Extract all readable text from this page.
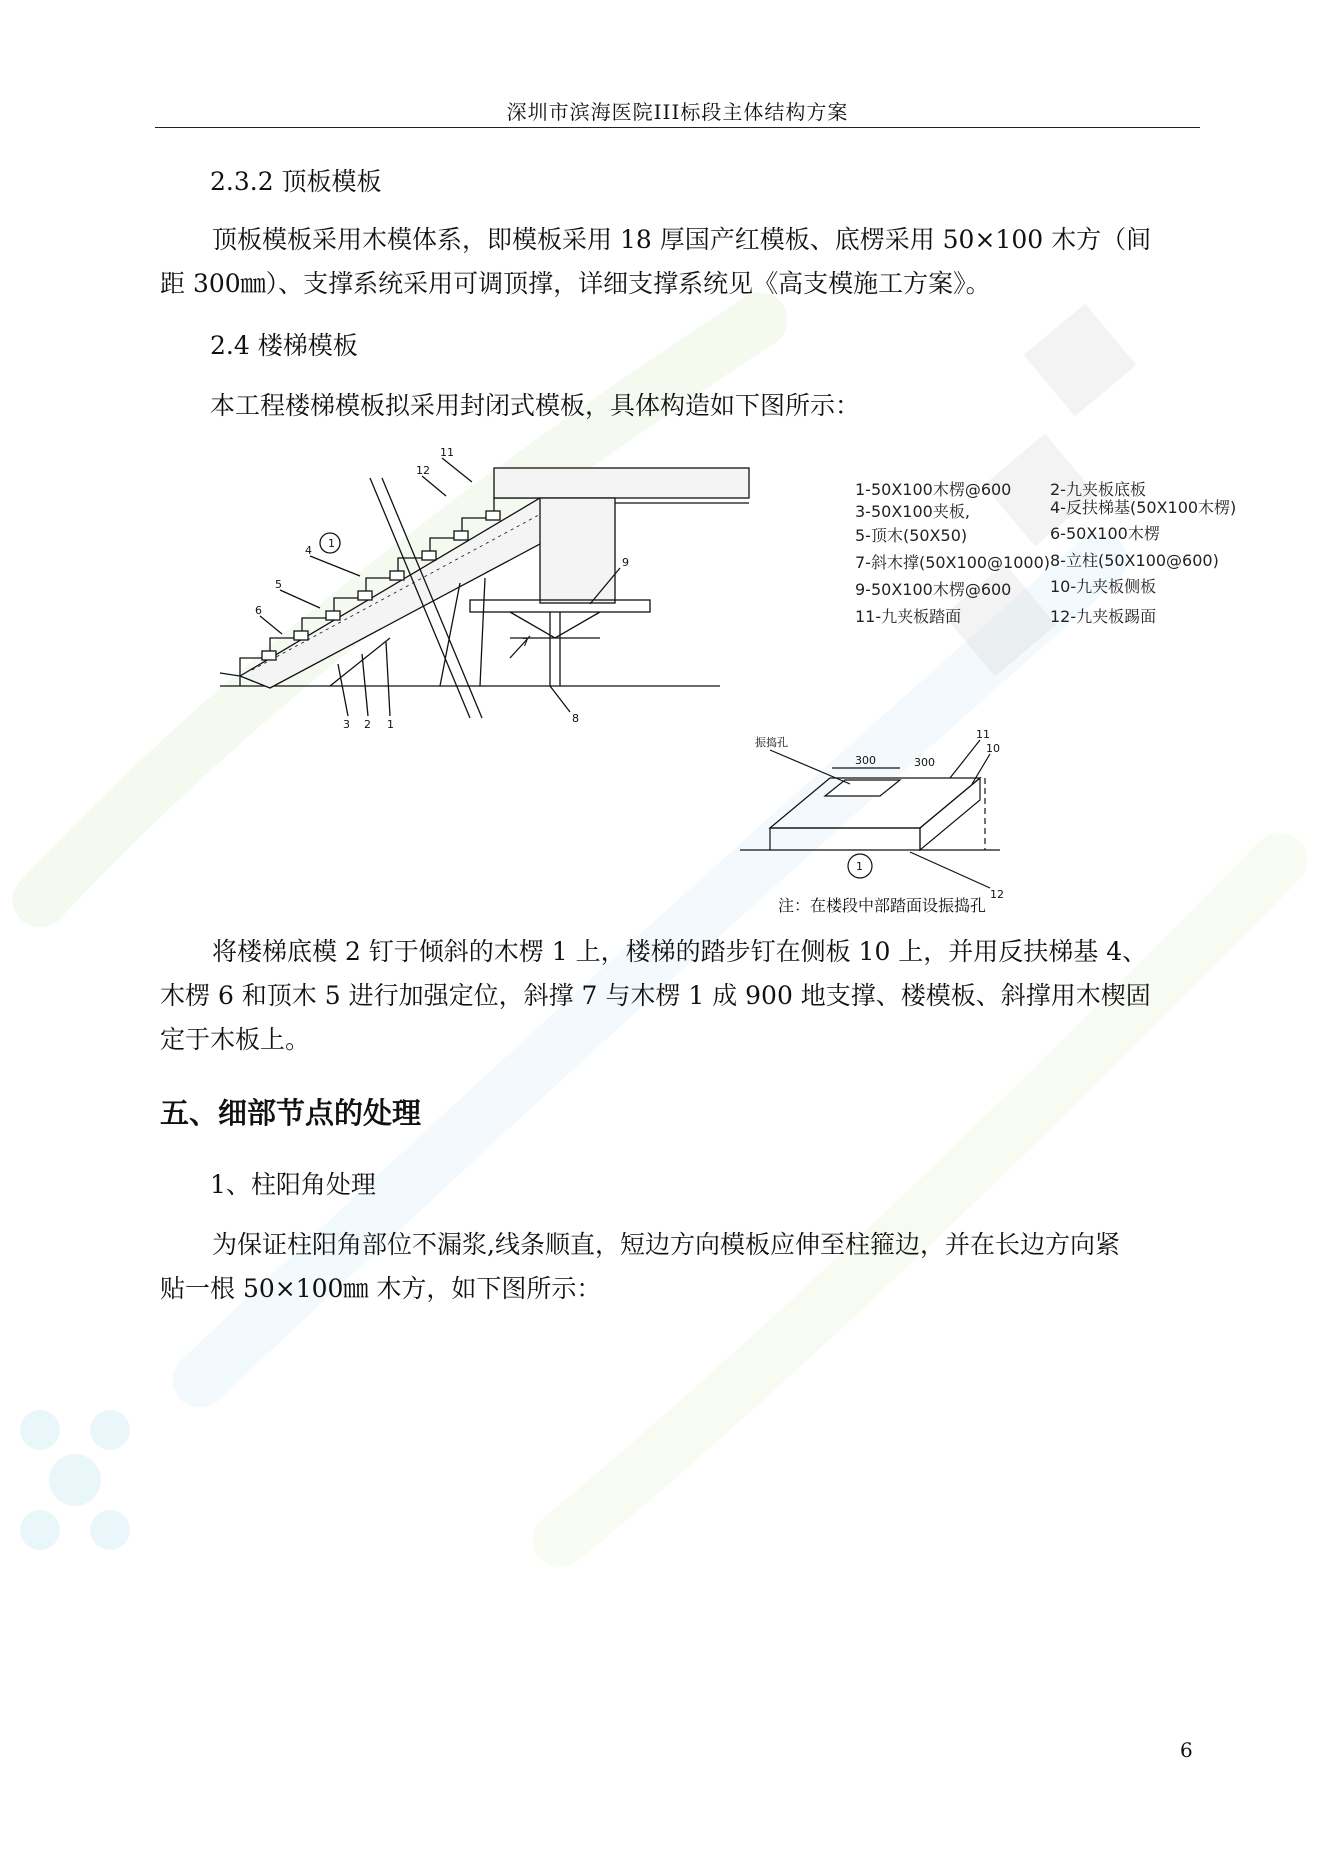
深圳市滨海医院III标段主体结构方案
2.3.2 顶板模板
顶板模板采用木模体系，即模板采用 18 厚国产红模板、底楞采用 50×100 木方（间
距 300㎜）、支撑系统采用可调顶撑，详细支撑系统见《高支模施工方案》。
2.4 楼梯模板
本工程楼梯模板拟采用封闭式模板，具体构造如下图所示：
11
12
1
4
5
6
3 2 1
9
7
8
振捣孔
300	300
11
10
12
1
1-50X100木楞@600 2-九夹板底板
3-50X100夹板,	4-反扶梯基(50X100木楞)
5-顶木(50X50)	6-50X100木楞
7-斜木撑(50X100@1000) 8-立柱(50X100@600)
9-50X100木楞@600 10-九夹板侧板
11-九夹板踏面	12-九夹板踢面
注：在楼段中部踏面设振捣孔
将楼梯底模 2 钉于倾斜的木楞 1 上，楼梯的踏步钉在侧板 10 上，并用反扶梯基 4、
木楞 6 和顶木 5 进行加强定位，斜撑 7 与木楞 1 成 900 地支撑、楼模板、斜撑用木楔固
定于木板上。
五、细部节点的处理
1、柱阳角处理
为保证柱阳角部位不漏浆,线条顺直，短边方向模板应伸至柱箍边，并在长边方向紧
贴一根 50×100㎜ 木方，如下图所示：
6
